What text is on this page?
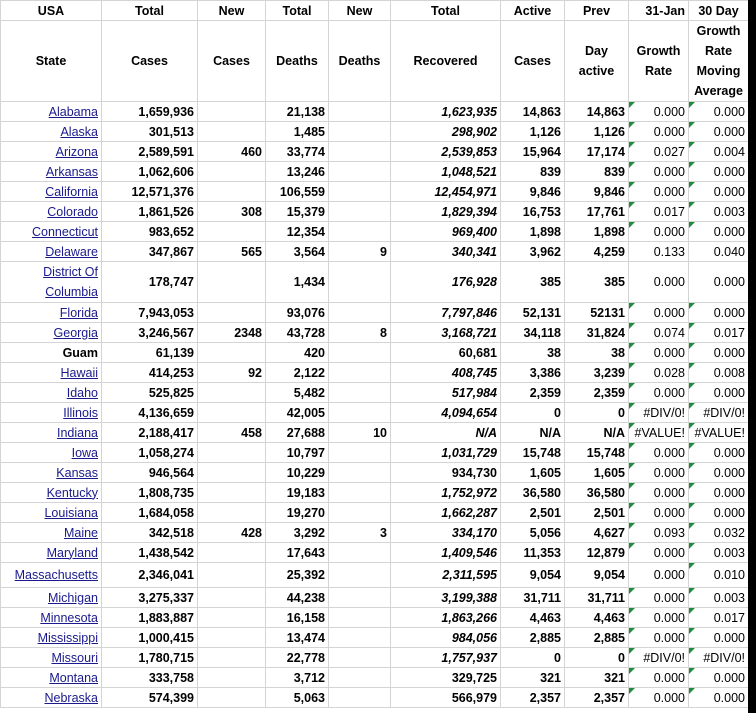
USA	Total	New	Total	New	Total	Active	Prev	31-Jan	30 Day
State	Cases	Cases	Deaths	Deaths	Recovered	Cases	Day active	Growth Rate	Growth Rate Moving Average
Alabama	1,659,936		21,138		1,623,935	14,863	14,863	0.000	0.000
Alaska	301,513		1,485		298,902	1,126	1,126	0.000	0.000
Arizona	2,589,591	460	33,774		2,539,853	15,964	17,174	0.027	0.004
Arkansas	1,062,606		13,246		1,048,521	839	839	0.000	0.000
California	12,571,376		106,559		12,454,971	9,846	9,846	0.000	0.000
Colorado	1,861,526	308	15,379		1,829,394	16,753	17,761	0.017	0.003
Connecticut	983,652		12,354		969,400	1,898	1,898	0.000	0.000
Delaware	347,867	565	3,564	9	340,341	3,962	4,259	0.133	0.040
District Of Columbia	178,747		1,434		176,928	385	385	0.000	0.000
Florida	7,943,053		93,076		7,797,846	52,131	52131	0.000	0.000
Georgia	3,246,567	2348	43,728	8	3,168,721	34,118	31,824	0.074	0.017
Guam	61,139		420		60,681	38	38	0.000	0.000
Hawaii	414,253	92	2,122		408,745	3,386	3,239	0.028	0.008
Idaho	525,825		5,482		517,984	2,359	2,359	0.000	0.000
Illinois	4,136,659		42,005		4,094,654	0	0	#DIV/0!	#DIV/0!
Indiana	2,188,417	458	27,688	10	N/A	N/A	N/A	#VALUE!	#VALUE!
Iowa	1,058,274		10,797		1,031,729	15,748	15,748	0.000	0.000
Kansas	946,564		10,229		934,730	1,605	1,605	0.000	0.000
Kentucky	1,808,735		19,183		1,752,972	36,580	36,580	0.000	0.000
Louisiana	1,684,058		19,270		1,662,287	2,501	2,501	0.000	0.000
Maine	342,518	428	3,292	3	334,170	5,056	4,627	0.093	0.032
Maryland	1,438,542		17,643		1,409,546	11,353	12,879	0.000	0.003
Massachusetts	2,346,041		25,392		2,311,595	9,054	9,054	0.000	0.010
Michigan	3,275,337		44,238		3,199,388	31,711	31,711	0.000	0.003
Minnesota	1,883,887		16,158		1,863,266	4,463	4,463	0.000	0.017
Mississippi	1,000,415		13,474		984,056	2,885	2,885	0.000	0.000
Missouri	1,780,715		22,778		1,757,937	0	0	#DIV/0!	#DIV/0!
Montana	333,758		3,712		329,725	321	321	0.000	0.000
Nebraska	574,399		5,063		566,979	2,357	2,357	0.000	0.000
